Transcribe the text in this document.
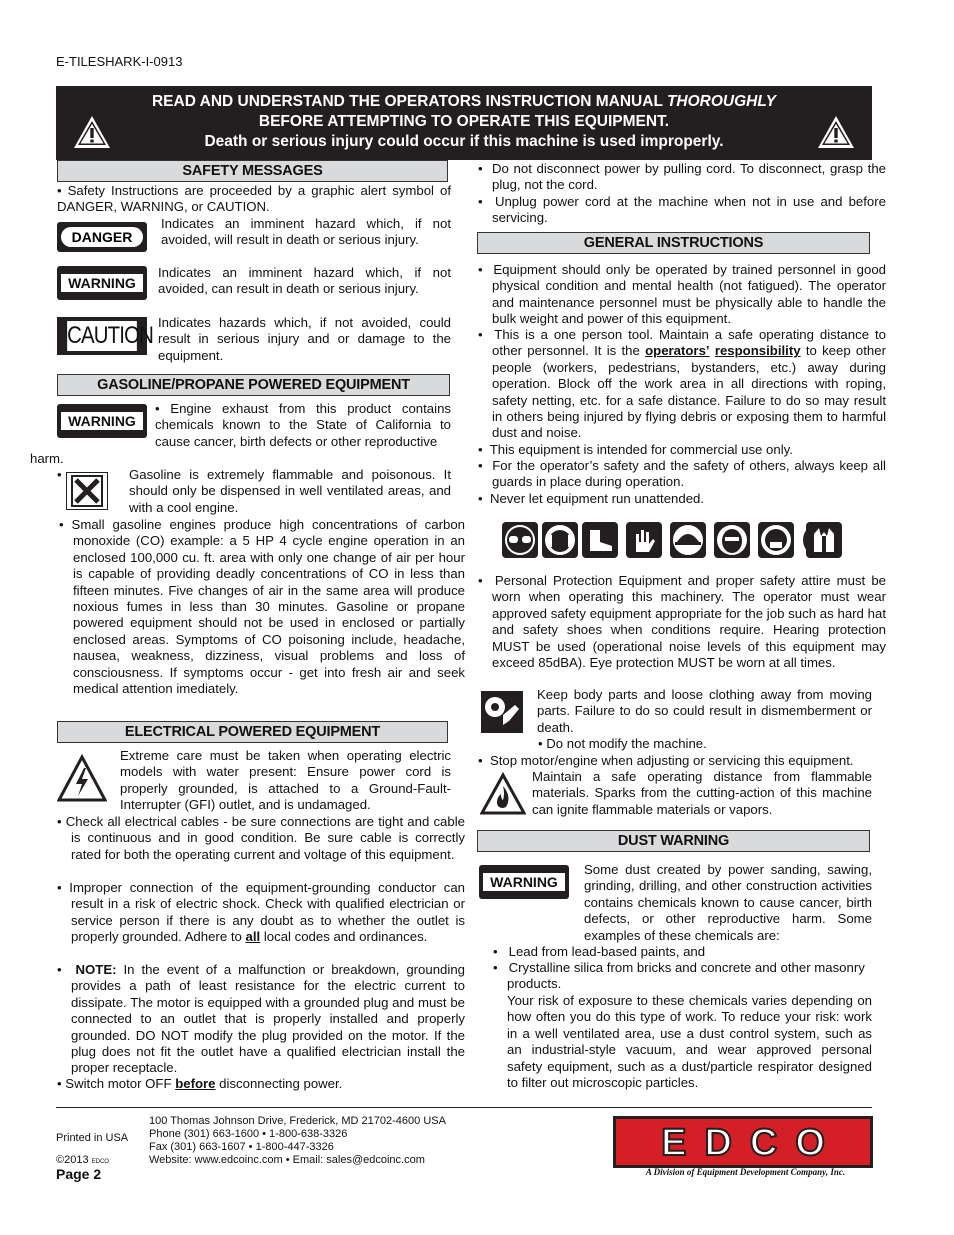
E-TILESHARK-I-0913
READ AND UNDERSTAND THE OPERATORS INSTRUCTION MANUAL THOROUGHLY
BEFORE ATTEMPTING TO OPERATE THIS EQUIPMENT.
Death or serious injury could occur if this machine is used improperly.
SAFETY MESSAGES

• Safety Instructions are proceeded by a graphic alert symbol of DANGER, WARNING, or CAUTION.

DANGER

Indicates an imminent hazard which, if not avoided, will result in death or serious injury.

WARNING

Indicates an imminent hazard which, if not avoided, can result in death or serious injury.

CAUTION Indicates hazards which, if not avoided, could result in serious injury and or damage to the equipment.

GASOLINE/PROPANE POWERED EQUIPMENT
WARNING

• Engine exhaust from this product contains chemicals known to the State of California to cause cancer, birth defects or other reproductive

harm.

•	Gasoline is extremely flammable and poisonous. It should only be dispensed in well ventilated areas, and with a cool engine.

• Small gasoline engines produce high concentrations of carbon monoxide (CO) example: a 5 HP 4 cycle engine operation in an enclosed 100,000 cu. ft. area with only one change of air per hour is capable of providing deadly concentrations of CO in less than fifteen minutes. Five changes of air in the same area will produce noxious fumes in less than 30 minutes. Gasoline or propane powered equipment should not be used in enclosed or partially enclosed areas. Symptoms of CO poisoning include, headache, nausea, weakness, dizziness, visual problems and loss of consciousness. If symptoms occur - get into fresh air and seek medical attention imediately.

ELECTRICAL POWERED EQUIPMENT

Extreme care must be taken when operating electric models with water present: Ensure power cord is properly grounded, is attached to a Ground-Fault-Interrupter (GFI) outlet, and is undamaged.

• Check all electrical cables - be sure connections are tight and cable is continuous and in good condition. Be sure cable is correctly rated for both the operating current and voltage of this equipment.

• Improper connection of the equipment-grounding conductor can result in a risk of electric shock. Check with qualified electrician or service person if there is any doubt as to whether the outlet is properly grounded. Adhere to all local codes and ordinances.

•  NOTE: In the event of a malfunction or breakdown, grounding provides a path of least resistance for the electric current to dissipate. The motor is equipped with a grounded plug and must be connected to an outlet that is properly installed and properly grounded. DO NOT modify the plug provided on the motor. If the plug does not fit the outlet have a qualified electrician install the proper receptacle.

• Switch motor OFF before disconnecting power.

•  Do not disconnect power by pulling cord. To disconnect, grasp the plug, not the cord.

•  Unplug power cord at the machine when not in use and before servicing.

GENERAL INSTRUCTIONS

•  Equipment should only be operated by trained personnel in good physical condition and mental health (not fatigued). The operator and maintenance personnel must be physically able to handle the bulk weight and power of this equipment.

•  This is a one person tool. Maintain a safe operating distance to other personnel. It is the operators’ responsibility to keep other people (workers, pedestrians, bystanders, etc.) away during operation. Block off the work area in all directions with roping, safety netting, etc. for a safe distance. Failure to do so may result in others being injured by flying debris or exposing them to harmful dust and noise.

•  This equipment is intended for commercial use only.

•  For the operator’s safety and the safety of others, always keep all guards in place during operation.

•  Never let equipment run unattended.

•  Personal Protection Equipment and proper safety attire must be worn when operating this machinery. The operator must wear approved safety equipment appropriate for the job such as hard hat and safety shoes when conditions require. Hearing protection MUST be used (operational noise levels of this equipment may exceed 85dBA). Eye protection MUST be worn at all times.

Keep body parts and loose clothing away from moving parts. Failure to do so could result in dismemberment or death.

• Do not modify the machine.

•  Stop motor/engine when adjusting or servicing this equipment.

Maintain a safe operating distance from flammable materials. Sparks from the cutting-action of this machine can ignite flammable materials or vapors.

DUST WARNING
WARNING

Some dust created by power sanding, sawing, grinding, drilling, and other construction activities contains chemicals known to cause cancer, birth defects, or other reproductive harm. Some examples of these chemicals are:

•   Lead from lead-based paints, and

•   Crystalline silica from bricks and concrete and other masonry products.

Your risk of exposure to these chemicals varies depending on how often you do this type of work. To reduce your risk: work in a well ventilated area, use a dust control system, such as an industrial-style vacuum, and wear approved personal safety equipment, such as a dust/particle respirator designed to filter out microscopic particles.

Printed in USA
©2013 EDCO
Page 2
100 Thomas Johnson Drive, Frederick, MD 21702-4600 USA
Phone (301) 663-1600 • 1-800-638-3326
Fax (301) 663-1607 • 1-800-447-3326
Website: www.edcoinc.com • Email: sales@edcoinc.com	EDCO
A Division of Equipment Development Company, Inc.
